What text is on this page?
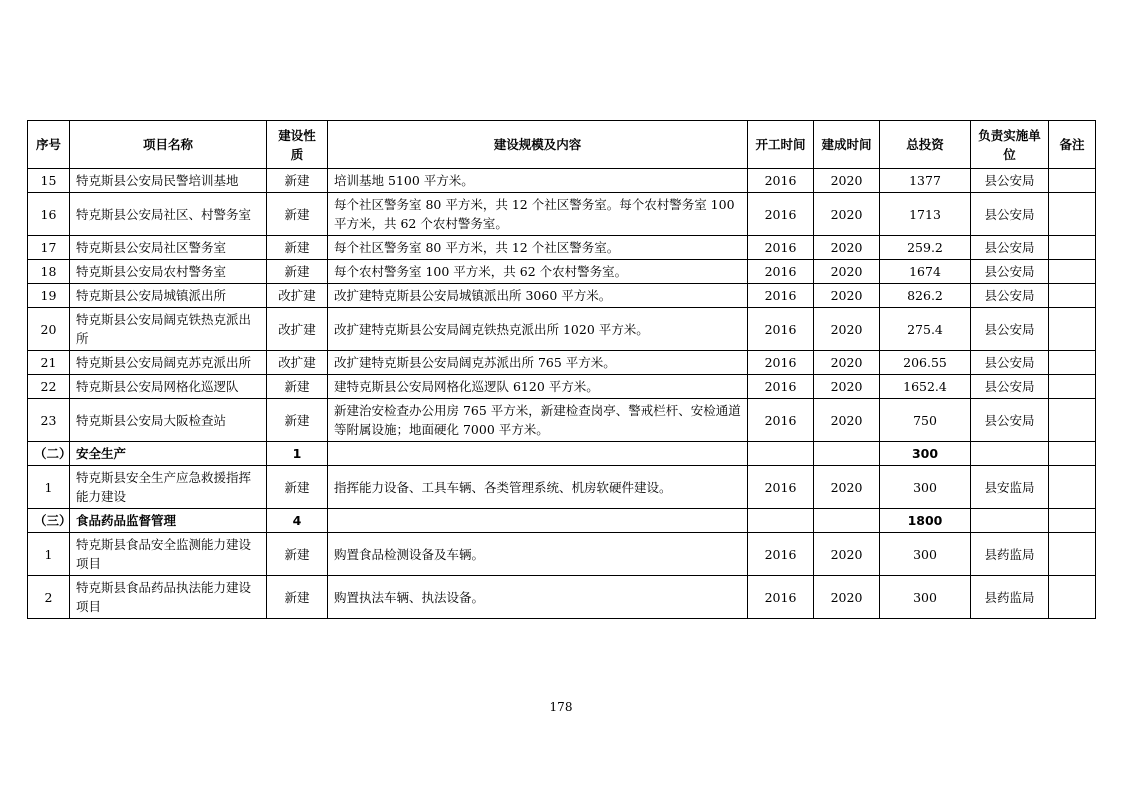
序号	项目名称	建设性质	建设规模及内容	开工时间	建成时间	总投资	负责实施单位	备注
15	特克斯县公安局民警培训基地	新建	培训基地 5100 平方米。	2016	2020	1377	县公安局	
16	特克斯县公安局社区、村警务室	新建	每个社区警务室 80 平方米，共 12 个社区警务室。每个农村警务室 100 平方米，共 62 个农村警务室。	2016	2020	1713	县公安局	
17	特克斯县公安局社区警务室	新建	每个社区警务室 80 平方米，共 12 个社区警务室。	2016	2020	259.2	县公安局	
18	特克斯县公安局农村警务室	新建	每个农村警务室 100 平方米，共 62 个农村警务室。	2016	2020	1674	县公安局	
19	特克斯县公安局城镇派出所	改扩建	改扩建特克斯县公安局城镇派出所 3060 平方米。	2016	2020	826.2	县公安局	
20	特克斯县公安局阔克铁热克派出所	改扩建	改扩建特克斯县公安局阔克铁热克派出所 1020 平方米。	2016	2020	275.4	县公安局	
21	特克斯县公安局阔克苏克派出所	改扩建	改扩建特克斯县公安局阔克苏派出所 765 平方米。	2016	2020	206.55	县公安局	
22	特克斯县公安局网格化巡逻队	新建	建特克斯县公安局网格化巡逻队 6120 平方米。	2016	2020	1652.4	县公安局	
23	特克斯县公安局大阪检查站	新建	新建治安检查办公用房 765 平方米，新建检查岗亭、警戒栏杆、安检通道等附属设施；地面硬化 7000 平方米。	2016	2020	750	县公安局	
（二）	安全生产	1				300		
1	特克斯县安全生产应急救援指挥能力建设	新建	指挥能力设备、工具车辆、各类管理系统、机房软硬件建设。	2016	2020	300	县安监局	
（三）	食品药品监督管理	4				1800		
1	特克斯县食品安全监测能力建设项目	新建	购置食品检测设备及车辆。	2016	2020	300	县药监局	
2	特克斯县食品药品执法能力建设项目	新建	购置执法车辆、执法设备。	2016	2020	300	县药监局	
178
